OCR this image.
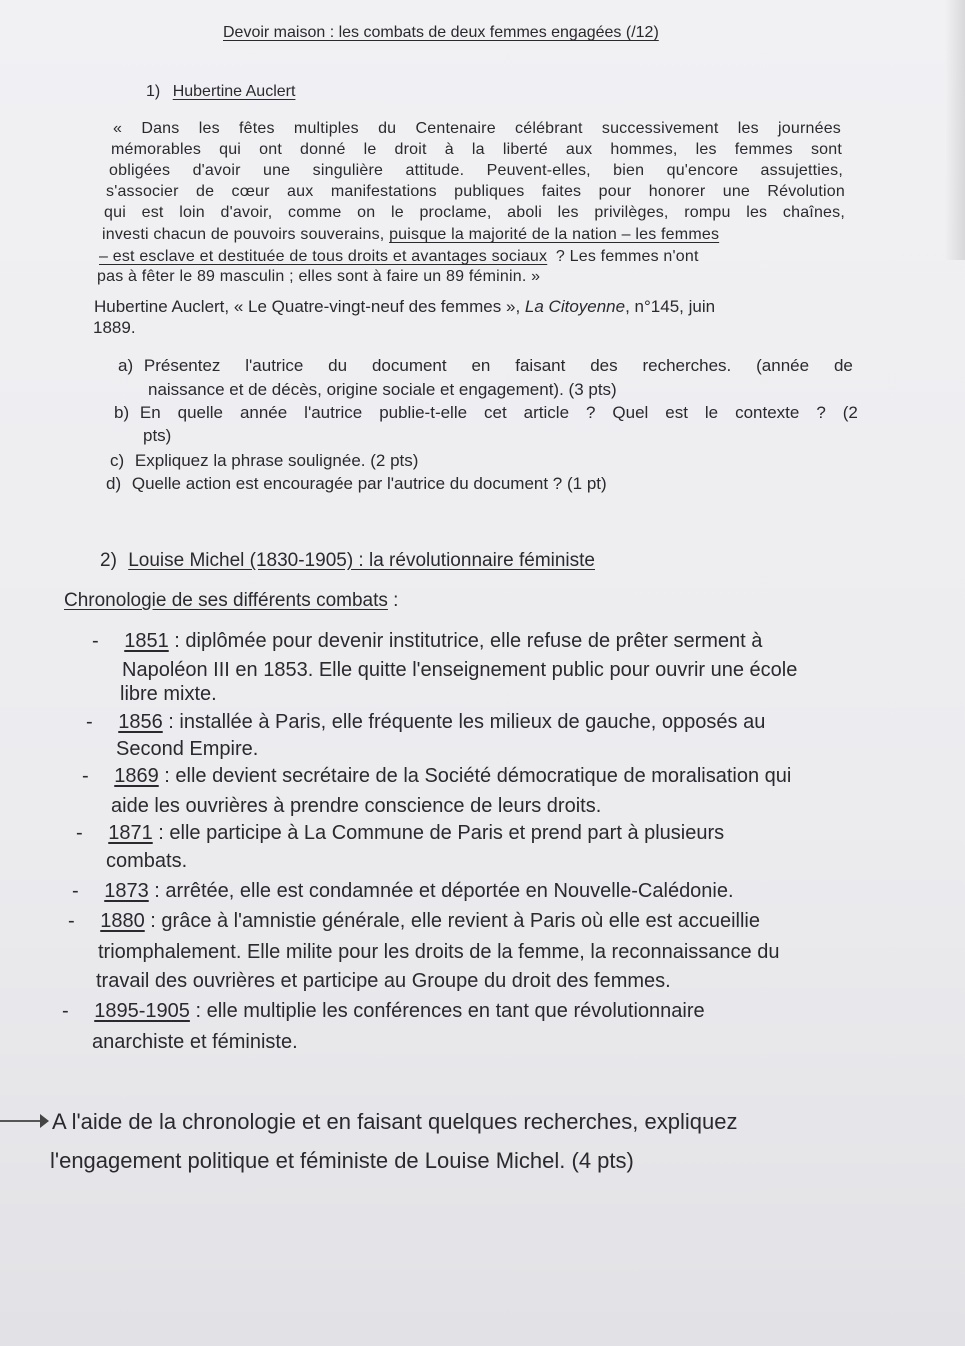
Devoir maison : les combats de deux femmes engagées (/12)
1) Hubertine Auclert
« Dans les fêtes multiples du Centenaire célébrant successivement les journées
mémorables qui ont donné le droit à la liberté aux hommes, les femmes sont
obligées d'avoir une singulière attitude. Peuvent-elles, bien qu'encore assujetties,
s'associer de cœur aux manifestations publiques faites pour honorer une Révolution
qui est loin d'avoir, comme on le proclame, aboli les privilèges, rompu les chaînes,
investi chacun de pouvoirs souverains, puisque la majorité de la nation – les femmes
– est esclave et destituée de tous droits et avantages sociaux ? Les femmes n'ont
pas à fêter le 89 masculin ; elles sont à faire un 89 féminin. »
Hubertine Auclert, « Le Quatre-vingt-neuf des femmes », La Citoyenne, n°145, juin
1889.
a) Présentez l'autrice du document en faisant des recherches. (année de
naissance et de décès, origine sociale et engagement). (3 pts)
b) En quelle année l'autrice publie-t-elle cet article ? Quel est le contexte ? (2
pts)
c) Expliquez la phrase soulignée. (2 pts)
d) Quelle action est encouragée par l'autrice du document ? (1 pt)
2) Louise Michel (1830-1905) : la révolutionnaire féministe
Chronologie de ses différents combats :
- 1851 : diplômée pour devenir institutrice, elle refuse de prêter serment à
Napoléon III en 1853. Elle quitte l'enseignement public pour ouvrir une école
libre mixte.
- 1856 : installée à Paris, elle fréquente les milieux de gauche, opposés au
Second Empire.
- 1869 : elle devient secrétaire de la Société démocratique de moralisation qui
aide les ouvrières à prendre conscience de leurs droits.
- 1871 : elle participe à La Commune de Paris et prend part à plusieurs
combats.
- 1873 : arrêtée, elle est condamnée et déportée en Nouvelle-Calédonie.
- 1880 : grâce à l'amnistie générale, elle revient à Paris où elle est accueillie
triomphalement. Elle milite pour les droits de la femme, la reconnaissance du
travail des ouvrières et participe au Groupe du droit des femmes.
- 1895-1905 : elle multiplie les conférences en tant que révolutionnaire
anarchiste et féministe.
A l'aide de la chronologie et en faisant quelques recherches, expliquez
l'engagement politique et féministe de Louise Michel. (4 pts)
